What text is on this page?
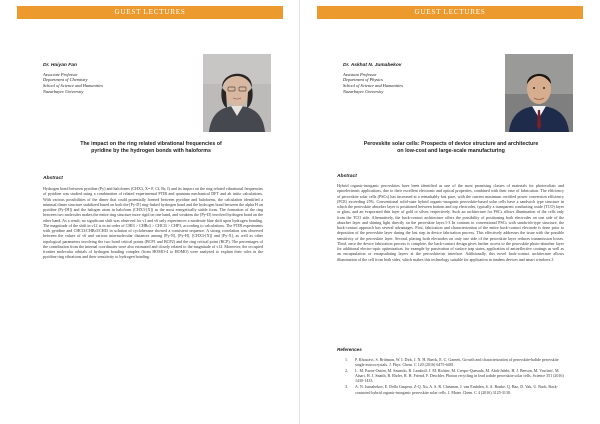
GUEST LECTURES
Dr. Haiyan Fan
Associate Professor
Department of Chemistry
School of Science and Humanities
Nazarbayev University
The impact on the ring related vibrational frequencies of
pyridine by the hydrogen bonds with haloforms
Abstract

Hydrogen bond between pyridine (Py) and haloforms (CHX3, X= F, Cl, Br, I) and its impact on the ring related vibrational frequencies of pyridine was studied using a combination of related experimental FTIR and quantum mechanical DFT and ab initio calculations. With various possibilities of the dimer that could potentially formed between pyridine and haloforms, the calculation identified a minimal dimer structure stabilized based on both the [Py-D] ring-linked hydrogen bond and the hydrogen bond between the alpha H on pyridine (Py-[H]) and the halogen atom in haloform (CHX3-[X]) as the most energetically stable form. The formation of the ring between two molecules makes the entire ring structure more rigid on one hand, and weakens the [Py-D] involved hydrogen bond on the other hand. As a result, no significant shift was observed for ν1 and ν6 only experiences a moderate blue shift upon hydrogen bonding. The magnitude of the shift in ν12 is in an order of CHI3 > CHBr3 > CHCl3 > CHF3, according to calculations. The FTIR experiments with pyridine and CHCl3/CHBr3/CHI3 in solution of cyclohexane showed a consistent sequence. A strong correlation was observed between the values of ν6 and various intermolecular distances among [Py-N], [Py-H], [CHX3-[X]] and [Py-X], as well as other topological parameters involving the two bond critical points (BCP1 and BCP2) and the ring critical point (RCP). The percentages of the contribution from the internal coordinates were also estimated and closely related to the magnitude of ν12. Moreover, the occupied frontier molecular orbitals of hydrogen bonding complex (from HOMO-4 to HOMO) were analyzed to explain their roles in the pyridine ring vibrations and their sensitivity to hydrogen bonding.

GUEST LECTURES
Dr. Askhat N. Jumabekov
Assistant Professor
Department of Physics
School of Science and Humanities
Nazarbayev University
Perovskite solar cells: Prospects of device structure and architecture
on low-cost and large-scale manufacturing
Abstract

Hybrid organic-inorganic perovskites have been identified as one of the most promising classes of materials for photovoltaic and optoelectronic applications, due to their excellent electronic and optical properties, combined with their ease of fabrication. The efficiency of perovskite solar cells (PSCs) has increased at a remarkably fast pace, with the current maximum certified power conversion efficiency (PCE) exceeding 25%. Conventional solid-state hybrid organic-inorganic perovskite-based solar cells have a sandwich type structure in which the perovskite absorber layer is positioned between bottom and top electrodes, typically a transparent conducting oxide (TCO) layer or glass, and an evaporated thin layer of gold or silver, respectively. Such an architecture for PSCs allows illumination of the cells only from the TCO side. Alternatively, the back-contact architecture offers the possibility of positioning both electrodes on one side of the absorber layer and shining light directly on the perovskite layer.1-3 In contrast to conventional PSCs with sandwich-type structure, the back-contact approach has several advantages. First, fabrication and characterization of the entire back-contact electrode is done prior to deposition of the perovskite layer during the last step in device fabrication process. This effectively addresses the issue with the possible sensitivity of the perovskite layer. Second, placing both electrodes on only one side of the perovskite layer reduces transmission losses. Third, once the device fabrication process is complete, the back-contact design gives further access to the perovskite photo-absorber layer for additional electro-optic optimization, for example by passivation of surface trap states, application of antireflective coatings as well as an encapsulation or encapsulating layers at the perovskite/air interface. Additionally, this novel back-contact architecture allows illumination of the cell from both sides, which makes this technology suitable for application in tandem devices and smart windows.3

References
1. P. Khosravi, S. Brittman, W. I. Dirk, J. N. H. Baeck, E. C. Garnett, Growth and characterization of perovskite-halide perovskite single microcrystals. J. Phys. Chem. C 120 (2016) 6475-6481.
2. L. M. Pazos-Outón, M. Szumilo, R. Lamboll, J. M. Richter, M. Crespo-Quesada, M. Abdi-Jalebi, H. J. Beeson, M. Vrućinić, M. Alsari, H. J. Snaith, B. Ehrler, R. H. Friend, F. Deschler, Photon recycling in lead iodide perovskite solar cells. Science 351 (2016) 1430-1433.
3. A. N. Jumabekov, E. Della Gaspera, Z-Q. Xu, A. S. R. Chesman, J. van Embden, S. A. Bonke, Q. Bao, D. Vak, U. Bach, Back-contacted hybrid organic-inorganic perovskite solar cells. J. Mater. Chem. C 4 (2016) 3125-3130.
